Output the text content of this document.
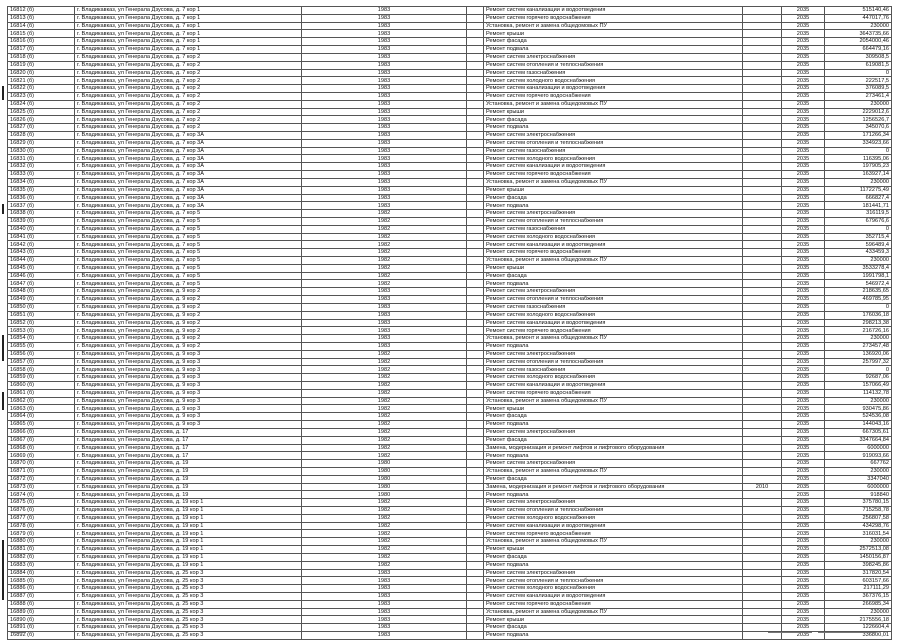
16812 (б)	г. Владикавказ, ул Генерала Дзусова, д. 7 кор 1	1983		Ремонт систем канализации и водоотведения		2035	515140,46
16813 (б)	г. Владикавказ, ул Генерала Дзусова, д. 7 кор 1	1983		Ремонт систем горячего водоснабжения		2035	447017,76
16814 (б)	г. Владикавказ, ул Генерала Дзусова, д. 7 кор 1	1983		Установка, ремонт и замена общедомовых ПУ		2035	230000
16815 (б)	г. Владикавказ, ул Генерала Дзусова, д. 7 кор 1	1983		Ремонт крыши		2035	3643735,66
16816 (б)	г. Владикавказ, ул Генерала Дзусова, д. 7 кор 1	1983		Ремонт фасада		2035	2054000,46
16817 (б)	г. Владикавказ, ул Генерала Дзусова, д. 7 кор 1	1983		Ремонт подвала		2035	664479,16
16818 (б)	г. Владикавказ, ул Генерала Дзусова, д. 7 кор 2	1983		Ремонт систем электроснабжения		2035	309508,5
16819 (б)	г. Владикавказ, ул Генерала Дзусова, д. 7 кор 2	1983		Ремонт систем отопления и теплоснабжения		2035	619081,5
16820 (б)	г. Владикавказ, ул Генерала Дзусова, д. 7 кор 2	1983		Ремонт систем газоснабжения		2035	0
16821 (б)	г. Владикавказ, ул Генерала Дзусова, д. 7 кор 2	1983		Ремонт систем холодного водоснабжения		2035	222517,5
16822 (б)	г. Владикавказ, ул Генерала Дзусова, д. 7 кор 2	1983		Ремонт систем канализации и водоотведения		2035	376089,5
16823 (б)	г. Владикавказ, ул Генерала Дзусова, д. 7 кор 2	1983		Ремонт систем горячего водоснабжения		2035	273461,4
16824 (б)	г. Владикавказ, ул Генерала Дзусова, д. 7 кор 2	1983		Установка, ремонт и замена общедомовых ПУ		2035	230000
16825 (б)	г. Владикавказ, ул Генерала Дзусова, д. 7 кор 2	1983		Ремонт крыши		2035	2229012,6
16826 (б)	г. Владикавказ, ул Генерала Дзусова, д. 7 кор 2	1983		Ремонт фасада		2035	1256526,7
16827 (б)	г. Владикавказ, ул Генерала Дзусова, д. 7 кор 2	1983		Ремонт подвала		2035	345070,6
16828 (б)	г. Владикавказ, ул Генерала Дзусова, д. 7 кор 3А	1983		Ремонт систем электроснабжения		2035	171266,34
16829 (б)	г. Владикавказ, ул Генерала Дзусова, д. 7 кор 3А	1983		Ремонт систем отопления и теплоснабжения		2035	334923,66
16830 (б)	г. Владикавказ, ул Генерала Дзусова, д. 7 кор 3А	1983		Ремонт систем газоснабжения		2035	0
16831 (б)	г. Владикавказ, ул Генерала Дзусова, д. 7 кор 3А	1983		Ремонт систем холодного водоснабжения		2035	116395,06
16832 (б)	г. Владикавказ, ул Генерала Дзусова, д. 7 кор 3А	1983		Ремонт систем канализации и водоотведения		2035	197905,23
16833 (б)	г. Владикавказ, ул Генерала Дзусова, д. 7 кор 3А	1983		Ремонт систем горячего водоснабжения		2035	163927,14
16834 (б)	г. Владикавказ, ул Генерала Дзусова, д. 7 кор 3А	1983		Установка, ремонт и замена общедомовых ПУ		2035	230000
16835 (б)	г. Владикавказ, ул Генерала Дзусова, д. 7 кор 3А	1983		Ремонт крыши		2035	1172275,49
16836 (б)	г. Владикавказ, ул Генерала Дзусова, д. 7 кор 3А	1983		Ремонт фасада		2035	666827,4
16837 (б)	г. Владикавказ, ул Генерала Дзусова, д. 7 кор 3А	1983		Ремонт подвала		2035	181441,71
16838 (б)	г. Владикавказ, ул Генерала Дзусова, д. 7 кор 5	1982		Ремонт систем электроснабжения		2035	316119,5
16839 (б)	г. Владикавказ, ул Генерала Дзусова, д. 7 кор 5	1982		Ремонт систем отопления и теплоснабжения		2035	679676,6
16840 (б)	г. Владикавказ, ул Генерала Дзусова, д. 7 кор 5	1982		Ремонт систем газоснабжения		2035	0
16841 (б)	г. Владикавказ, ул Генерала Дзусова, д. 7 кор 5	1982		Ремонт систем холодного водоснабжения		2035	352715,4
16842 (б)	г. Владикавказ, ул Генерала Дзусова, д. 7 кор 5	1982		Ремонт систем канализации и водоотведения		2035	596489,4
16843 (б)	г. Владикавказ, ул Генерала Дзусова, д. 7 кор 5	1982		Ремонт систем горячего водоснабжения		2035	433459,3
16844 (б)	г. Владикавказ, ул Генерала Дзусова, д. 7 кор 5	1982		Установка, ремонт и замена общедомовых ПУ		2035	230000
16845 (б)	г. Владикавказ, ул Генерала Дзусова, д. 7 кор 5	1982		Ремонт крыши		2035	3533278,4
16846 (б)	г. Владикавказ, ул Генерала Дзусова, д. 7 кор 5	1982		Ремонт фасада		2035	1991798,1
16847 (б)	г. Владикавказ, ул Генерала Дзусова, д. 7 кор 5	1982		Ремонт подвала		2035	546972,4
16848 (б)	г. Владикавказ, ул Генерала Дзусова, д. 9 кор 2	1983		Ремонт систем электроснабжения		2035	218635,65
16849 (б)	г. Владикавказ, ул Генерала Дзусова, д. 9 кор 2	1983		Ремонт систем отопления и теплоснабжения		2035	469785,95
16850 (б)	г. Владикавказ, ул Генерала Дзусова, д. 9 кор 2	1983		Ремонт систем газоснабжения		2035	0
16851 (б)	г. Владикавказ, ул Генерала Дзусова, д. 9 кор 2	1983		Ремонт систем холодного водоснабжения		2035	176036,18
16852 (б)	г. Владикавказ, ул Генерала Дзусова, д. 9 кор 2	1983		Ремонт систем канализации и водоотведения		2035	298213,38
16853 (б)	г. Владикавказ, ул Генерала Дзусова, д. 9 кор 2	1983		Ремонт систем горячего водоснабжения		2035	216726,16
16854 (б)	г. Владикавказ, ул Генерала Дзусова, д. 9 кор 2	1983		Установка, ремонт и замена общедомовых ПУ		2035	230000
16855 (б)	г. Владикавказ, ул Генерала Дзусова, д. 9 кор 2	1983		Ремонт подвала		2035	273457,48
16856 (б)	г. Владикавказ, ул Генерала Дзусова, д. 9 кор 3	1982		Ремонт систем электроснабжения		2035	136920,06
16857 (б)	г. Владикавказ, ул Генерала Дзусова, д. 9 кор 3	1982		Ремонт систем отопления и теплоснабжения		2035	257997,32
16858 (б)	г. Владикавказ, ул Генерала Дзусова, д. 9 кор 3	1982		Ремонт систем газоснабжения		2035	0
16859 (б)	г. Владикавказ, ул Генерала Дзусова, д. 9 кор 3	1982		Ремонт систем холодного водоснабжения		2035	92687,06
16860 (б)	г. Владикавказ, ул Генерала Дзусова, д. 9 кор 3	1982		Ремонт систем канализации и водоотведения		2035	157066,49
16861 (б)	г. Владикавказ, ул Генерала Дзусова, д. 9 кор 3	1982		Ремонт систем горячего водоснабжения		2035	114132,78
16862 (б)	г. Владикавказ, ул Генерала Дзусова, д. 9 кор 3	1982		Установка, ремонт и замена общедомовых ПУ		2035	230000
16863 (б)	г. Владикавказ, ул Генерала Дзусова, д. 9 кор 3	1982		Ремонт крыши		2035	930475,86
16864 (б)	г. Владикавказ, ул Генерала Дзусова, д. 9 кор 3	1982		Ремонт фасада		2035	524536,08
16865 (б)	г. Владикавказ, ул Генерала Дзусова, д. 9 кор 3	1982		Ремонт подвала		2035	144043,16
16866 (б)	г. Владикавказ, ул Генерала Дзусова, д. 17	1982		Ремонт систем электроснабжения		2035	667305,61
16867 (б)	г. Владикавказ, ул Генерала Дзусова, д. 17	1982		Ремонт фасада		2035	3347664,84
16868 (б)	г. Владикавказ, ул Генерала Дзусова, д. 17	1982		Замена, модернизация и ремонт лифтов и лифтового оборудования		2035	6000000
16869 (б)	г. Владикавказ, ул Генерала Дзусова, д. 17	1982		Ремонт подвала		2035	919093,66
16870 (б)	г. Владикавказ, ул Генерала Дзусова, д. 19	1980		Ремонт систем электроснабжения		2035	667762
16871 (б)	г. Владикавказ, ул Генерала Дзусова, д. 19	1980		Установка, ремонт и замена общедомовых ПУ		2035	230000
16872 (б)	г. Владикавказ, ул Генерала Дзусова, д. 19	1980		Ремонт фасада		2035	3347040
16873 (б)	г. Владикавказ, ул Генерала Дзусова, д. 19	1980		Замена, модернизация и ремонт лифтов и лифтового оборудования	2010	2035	6000000
16874 (б)	г. Владикавказ, ул Генерала Дзусова, д. 19	1980		Ремонт подвала		2035	918840
16875 (б)	г. Владикавказ, ул Генерала Дзусова, д. 19 кор 1	1982		Ремонт систем электроснабжения		2035	375780,15
16876 (б)	г. Владикавказ, ул Генерала Дзусова, д. 19 кор 1	1982		Ремонт систем отопления и теплоснабжения		2035	715258,78
16877 (б)	г. Владикавказ, ул Генерала Дзусова, д. 19 кор 1	1982		Ремонт систем холодного водоснабжения		2035	256807,58
16878 (б)	г. Владикавказ, ул Генерала Дзусова, д. 19 кор 1	1982		Ремонт систем канализации и водоотведения		2035	434298,76
16879 (б)	г. Владикавказ, ул Генерала Дзусова, д. 19 кор 1	1982		Ремонт систем горячего водоснабжения		2035	316031,54
16880 (б)	г. Владикавказ, ул Генерала Дзусова, д. 19 кор 1	1982		Установка, ремонт и замена общедомовых ПУ		2035	230000
16881 (б)	г. Владикавказ, ул Генерала Дзусова, д. 19 кор 1	1982		Ремонт крыши		2035	2572513,08
16882 (б)	г. Владикавказ, ул Генерала Дзусова, д. 19 кор 1	1982		Ремонт фасада		2035	1450156,87
16883 (б)	г. Владикавказ, ул Генерала Дзусова, д. 19 кор 1	1982		Ремонт подвала		2035	398245,86
16884 (б)	г. Владикавказ, ул Генерала Дзусова, д. 25 кор 3	1983		Ремонт систем электроснабжения		2035	317820,54
16885 (б)	г. Владикавказ, ул Генерала Дзусова, д. 25 кор 3	1983		Ремонт систем отопления и теплоснабжения		2035	603157,66
16886 (б)	г. Владикавказ, ул Генерала Дзусова, д. 25 кор 3	1983		Ремонт систем холодного водоснабжения		2035	217111,29
16887 (б)	г. Владикавказ, ул Генерала Дзусова, д. 25 кор 3	1983		Ремонт систем канализации и водоотведения		2035	367376,15
16888 (б)	г. Владикавказ, ул Генерала Дзусова, д. 25 кор 3	1983		Ремонт систем горячего водоснабжения		2035	266985,34
16889 (б)	г. Владикавказ, ул Генерала Дзусова, д. 25 кор 3	1983		Установка, ремонт и замена общедомовых ПУ		2035	230000
16890 (б)	г. Владикавказ, ул Генерала Дзусова, д. 25 кор 3	1983		Ремонт крыши		2035	2175556,18
16891 (б)	г. Владикавказ, ул Генерала Дзусова, д. 25 кор 3	1983		Ремонт фасада		2035	1226604,4
16892 (б)	г. Владикавказ, ул Генерала Дзусова, д. 25 кор 3	1983		Ремонт подвала		2035	336800,01
